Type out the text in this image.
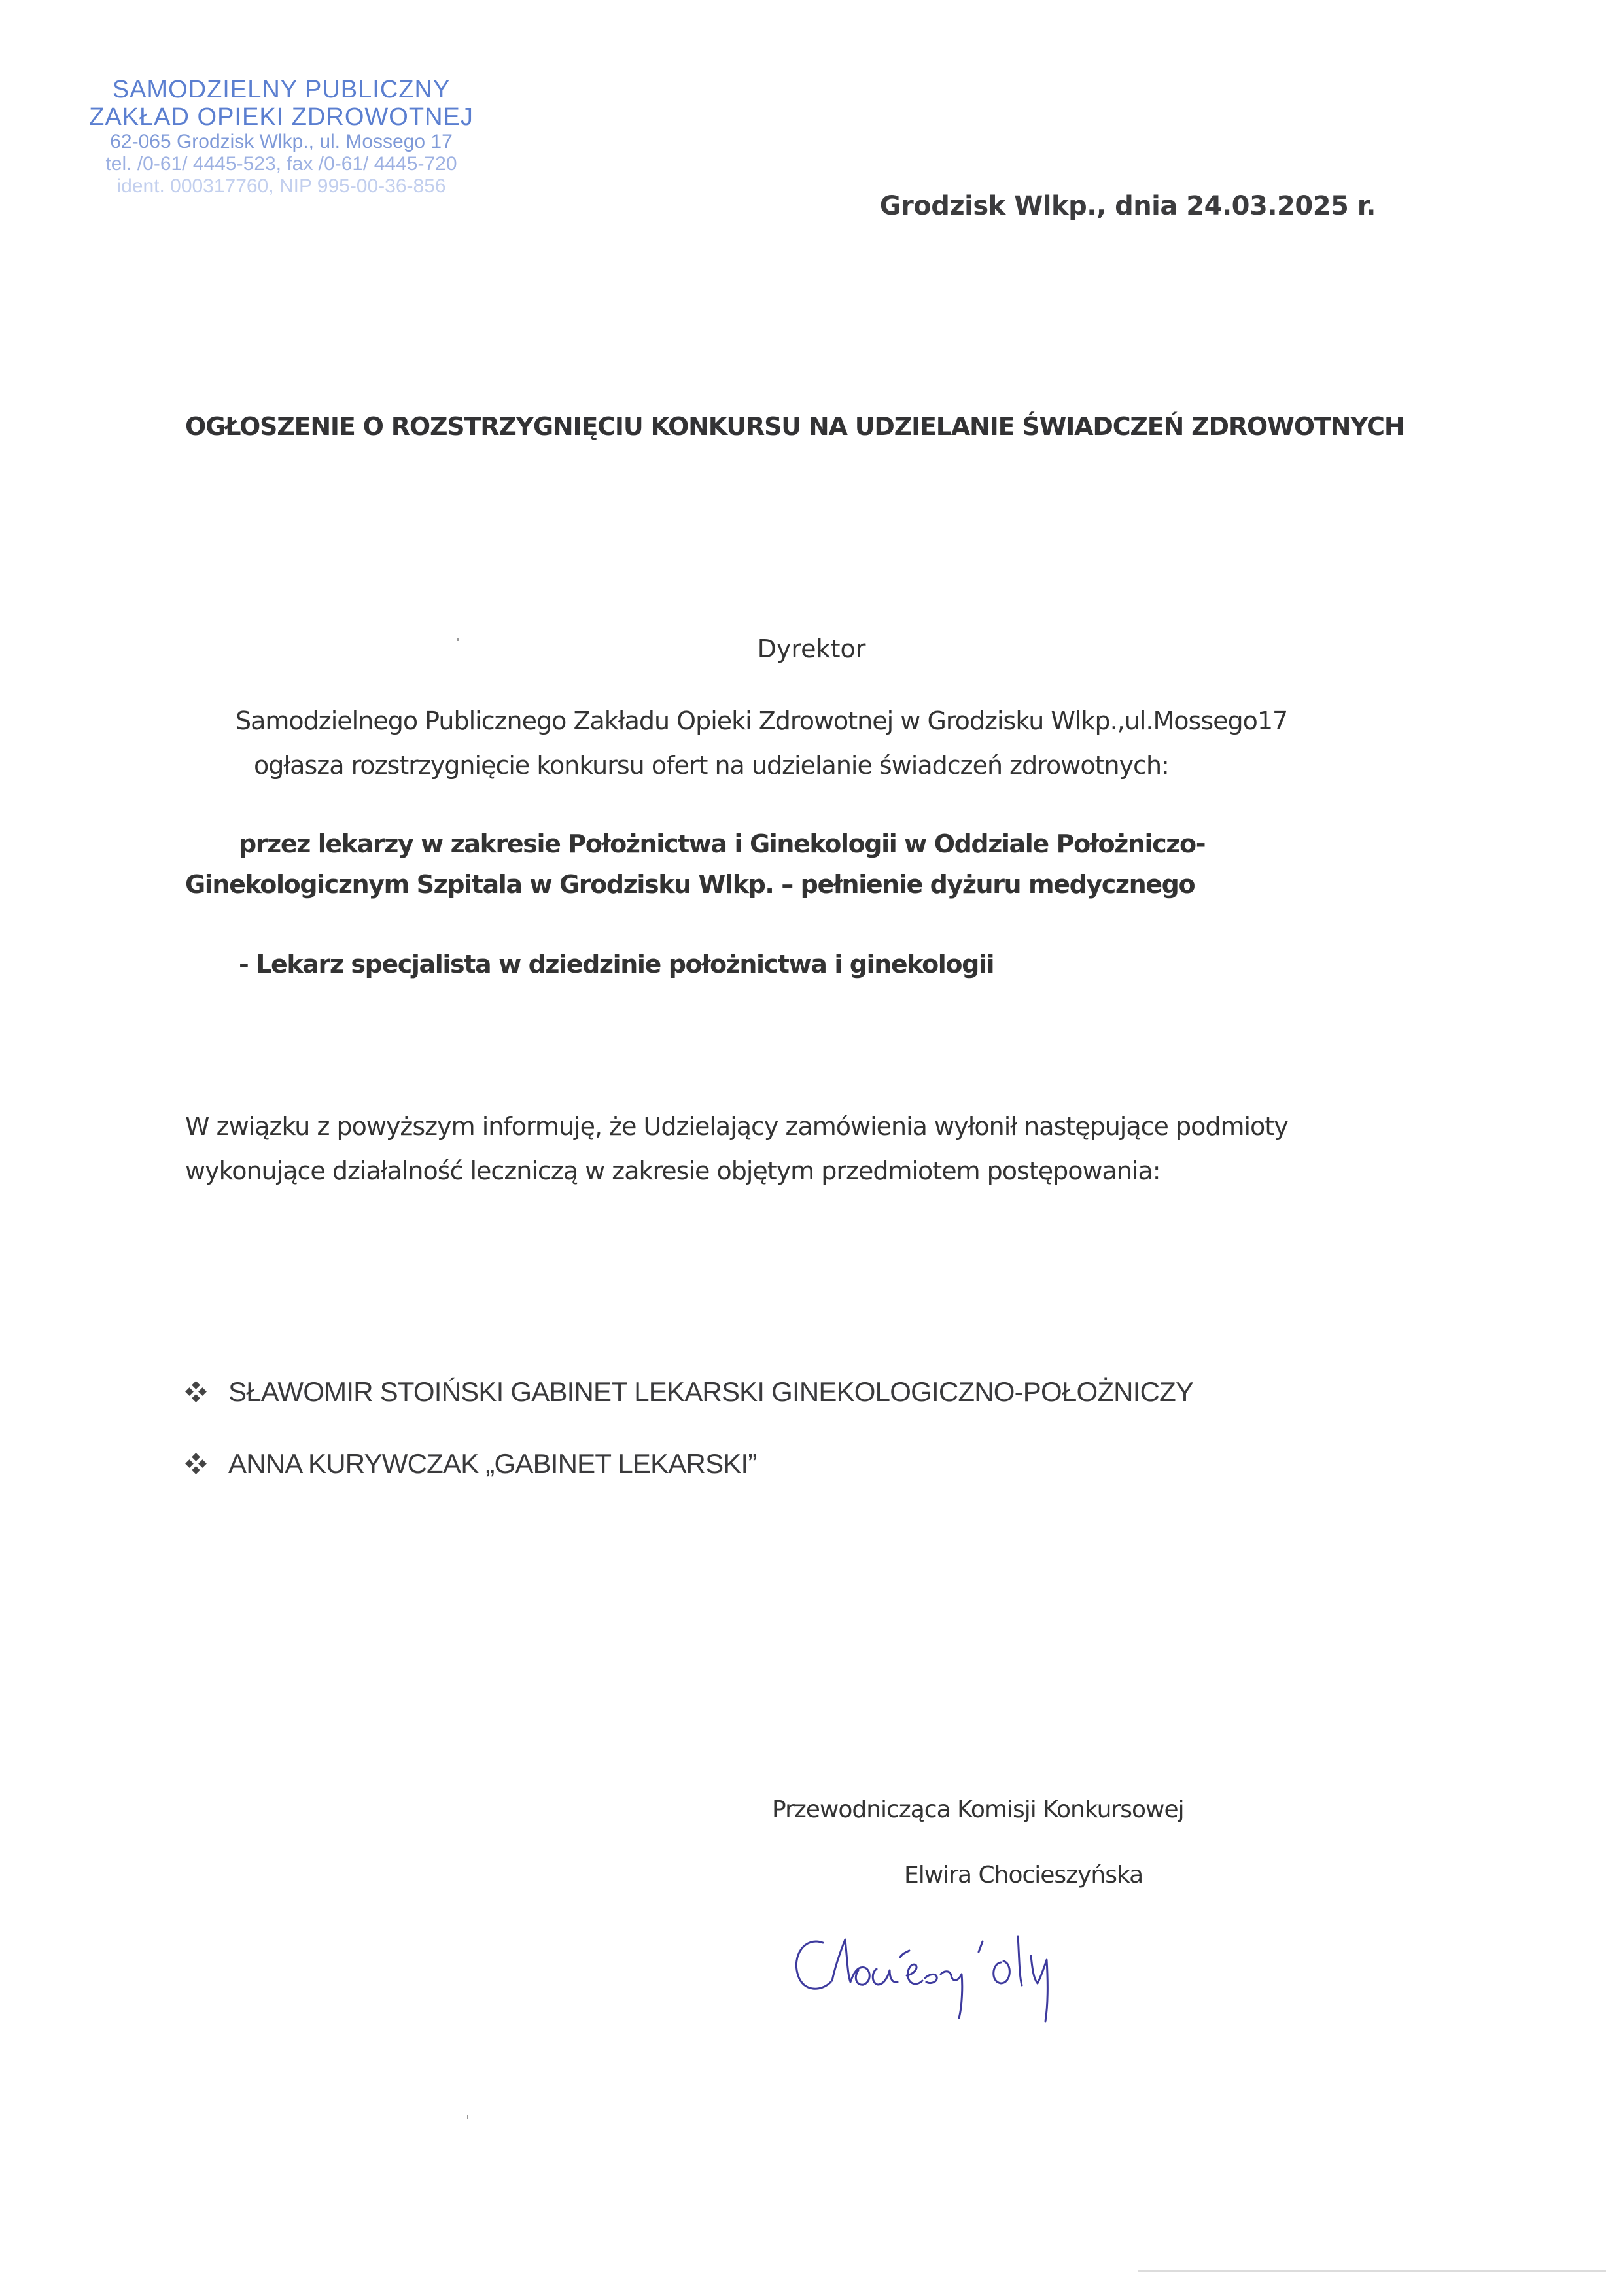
SAMODZIELNY PUBLICZNY
ZAKŁAD OPIEKI ZDROWOTNEJ
62-065 Grodzisk Wlkp., ul. Mossego 17
tel. /0-61/ 4445-523, fax /0-61/ 4445-720
ident. 000317760, NIP 995-00-36-856
Grodzisk Wlkp., dnia 24.03.2025 r.
OGŁOSZENIE O ROZSTRZYGNIĘCIU KONKURSU NA UDZIELANIE ŚWIADCZEŃ ZDROWOTNYCH
Dyrektor
Samodzielnego Publicznego Zakładu Opieki Zdrowotnej w Grodzisku Wlkp.,ul.Mossego17
ogłasza rozstrzygnięcie konkursu ofert na udzielanie świadczeń zdrowotnych:
przez lekarzy w zakresie Położnictwa i Ginekologii w Oddziale Położniczo-
Ginekologicznym Szpitala w Grodzisku Wlkp. – pełnienie dyżuru medycznego
- Lekarz specjalista w dziedzinie położnictwa i ginekologii
W związku z powyższym informuję, że Udzielający zamówienia wyłonił następujące podmioty
wykonujące działalność leczniczą w zakresie objętym przedmiotem postępowania:
SŁAWOMIR STOIŃSKI GABINET LEKARSKI GINEKOLOGICZNO-POŁOŻNICZY
ANNA KURYWCZAK „GABINET LEKARSKI”
Przewodnicząca Komisji Konkursowej
Elwira Chocieszyńska
